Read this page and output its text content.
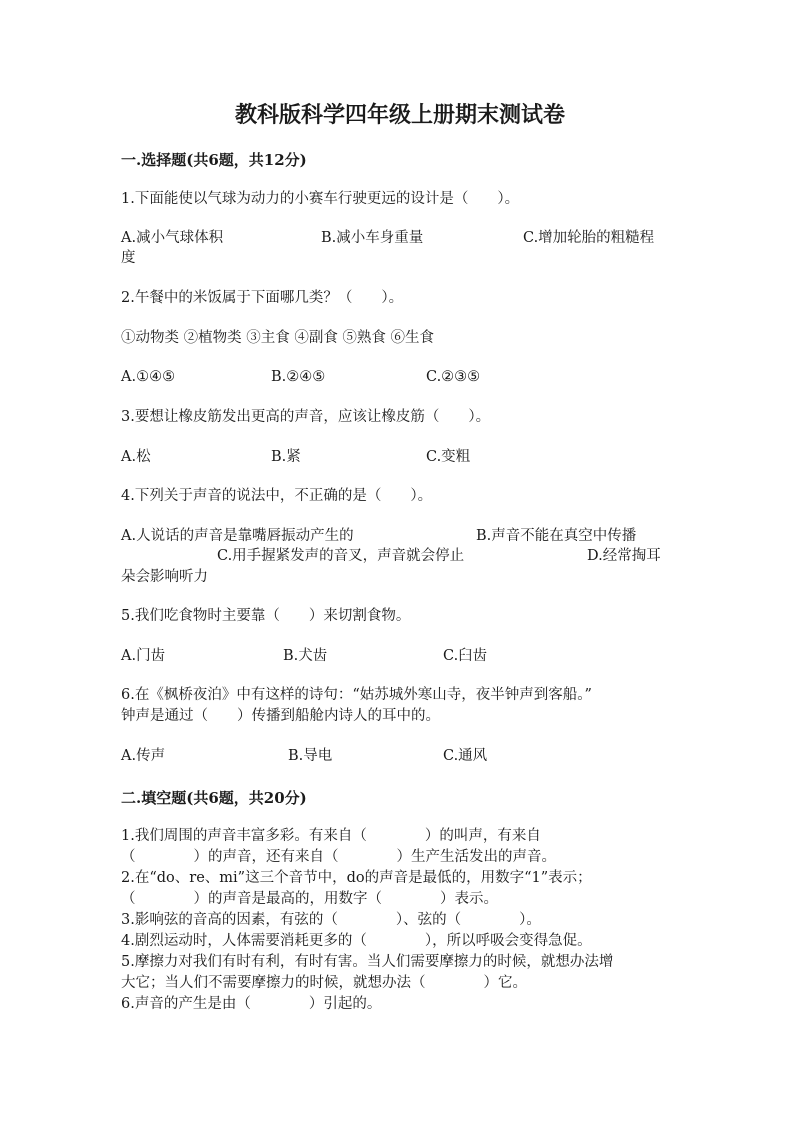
教科版科学四年级上册期末测试卷
一.选择题(共6题，共12分)
1.下面能使以气球为动力的小赛车行驶更远的设计是（　　）。
A.减小气球体积	B.减小车身重量	C.增加轮胎的粗糙程
度
2.午餐中的米饭属于下面哪几类？（　　）。
①动物类 ②植物类 ③主食 ④副食 ⑤熟食 ⑥生食
A.①④⑤	B.②④⑤	C.②③⑤
3.要想让橡皮筋发出更高的声音，应该让橡皮筋（　　）。
A.松	B.紧	C.变粗
4.下列关于声音的说法中，不正确的是（　　）。
A.人说话的声音是靠嘴唇振动产生的	B.声音不能在真空中传播
C.用手握紧发声的音叉，声音就会停止	D.经常掏耳
朵会影响听力
5.我们吃食物时主要靠（　　）来切割食物。
A.门齿	B.犬齿	C.臼齿
6.在《枫桥夜泊》中有这样的诗句：“姑苏城外寒山寺，夜半钟声到客船。”
钟声是通过（　　）传播到船舱内诗人的耳中的。
A.传声	B.导电	C.通风
二.填空题(共6题，共20分)
1.我们周围的声音丰富多彩。有来自（　　　　）的叫声，有来自
（　　　　）的声音，还有来自（　　　　）生产生活发出的声音。
2.在“do、re、mi”这三个音节中，do的声音是最低的，用数字“1”表示；
（　　　　）的声音是最高的，用数字（　　　　）表示。
3.影响弦的音高的因素，有弦的（　　　　）、弦的（　　　　）。
4.剧烈运动时，人体需要消耗更多的（　　　　），所以呼吸会变得急促。
5.摩擦力对我们有时有利，有时有害。当人们需要摩擦力的时候，就想办法增
大它；当人们不需要摩擦力的时候，就想办法（　　　　）它。
6.声音的产生是由（　　　　）引起的。
